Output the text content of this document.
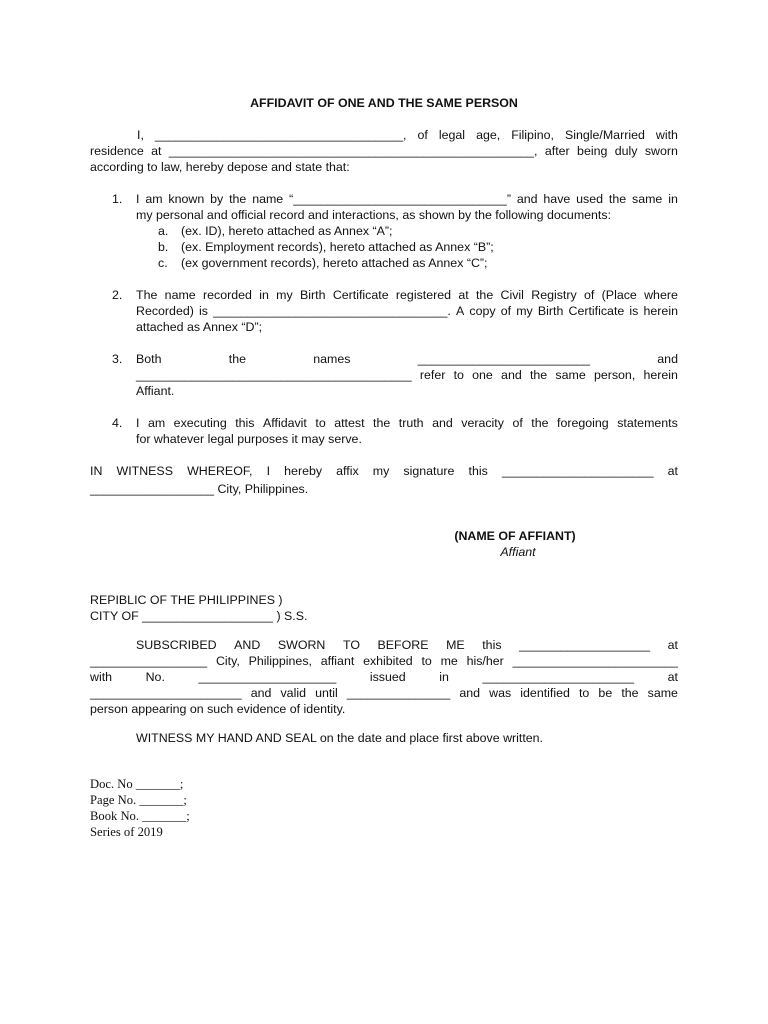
AFFIDAVIT OF ONE AND THE SAME PERSON
I, ____________________________________, of legal age, Filipino, Single/Married with
residence at _____________________________________________________, after being duly sworn
according to law, hereby depose and state that:
1. I am known by the name “_______________________________” and have used the same in
my personal and official record and interactions, as shown by the following documents:
a. (ex. ID), hereto attached as Annex “A”;
b. (ex. Employment records), hereto attached as Annex “B”;
c. (ex government records), hereto attached as Annex “C”;
2. The name recorded in my Birth Certificate registered at the Civil Registry of (Place where
Recorded) is __________________________________. A copy of my Birth Certificate is herein
attached as Annex “D”;
3. Both	the	names	_________________________	and
________________________________________ refer to one and the same person, herein
Affiant.
4. I am executing this Affidavit to attest the truth and veracity of the foregoing statements
for whatever legal purposes it may serve.
IN WITNESS WHEREOF, I hereby affix my signature this ______________________ at
__________________ City, Philippines.
(NAME OF AFFIANT)
Affiant
REPIBLIC OF THE PHILIPPINES )
CITY OF ___________________ ) S.S.
SUBSCRIBED AND SWORN TO BEFORE ME this ___________________ at
_________________ City, Philippines, affiant exhibited to me his/her ________________________
with	No.	____________________	issued	in	______________________	at
______________________ and valid until _______________ and was identified to be the same
person appearing on such evidence of identity.
WITNESS MY HAND AND SEAL on the date and place first above written.
Doc. No _______;
Page No. _______;
Book No. _______;
Series of 2019
